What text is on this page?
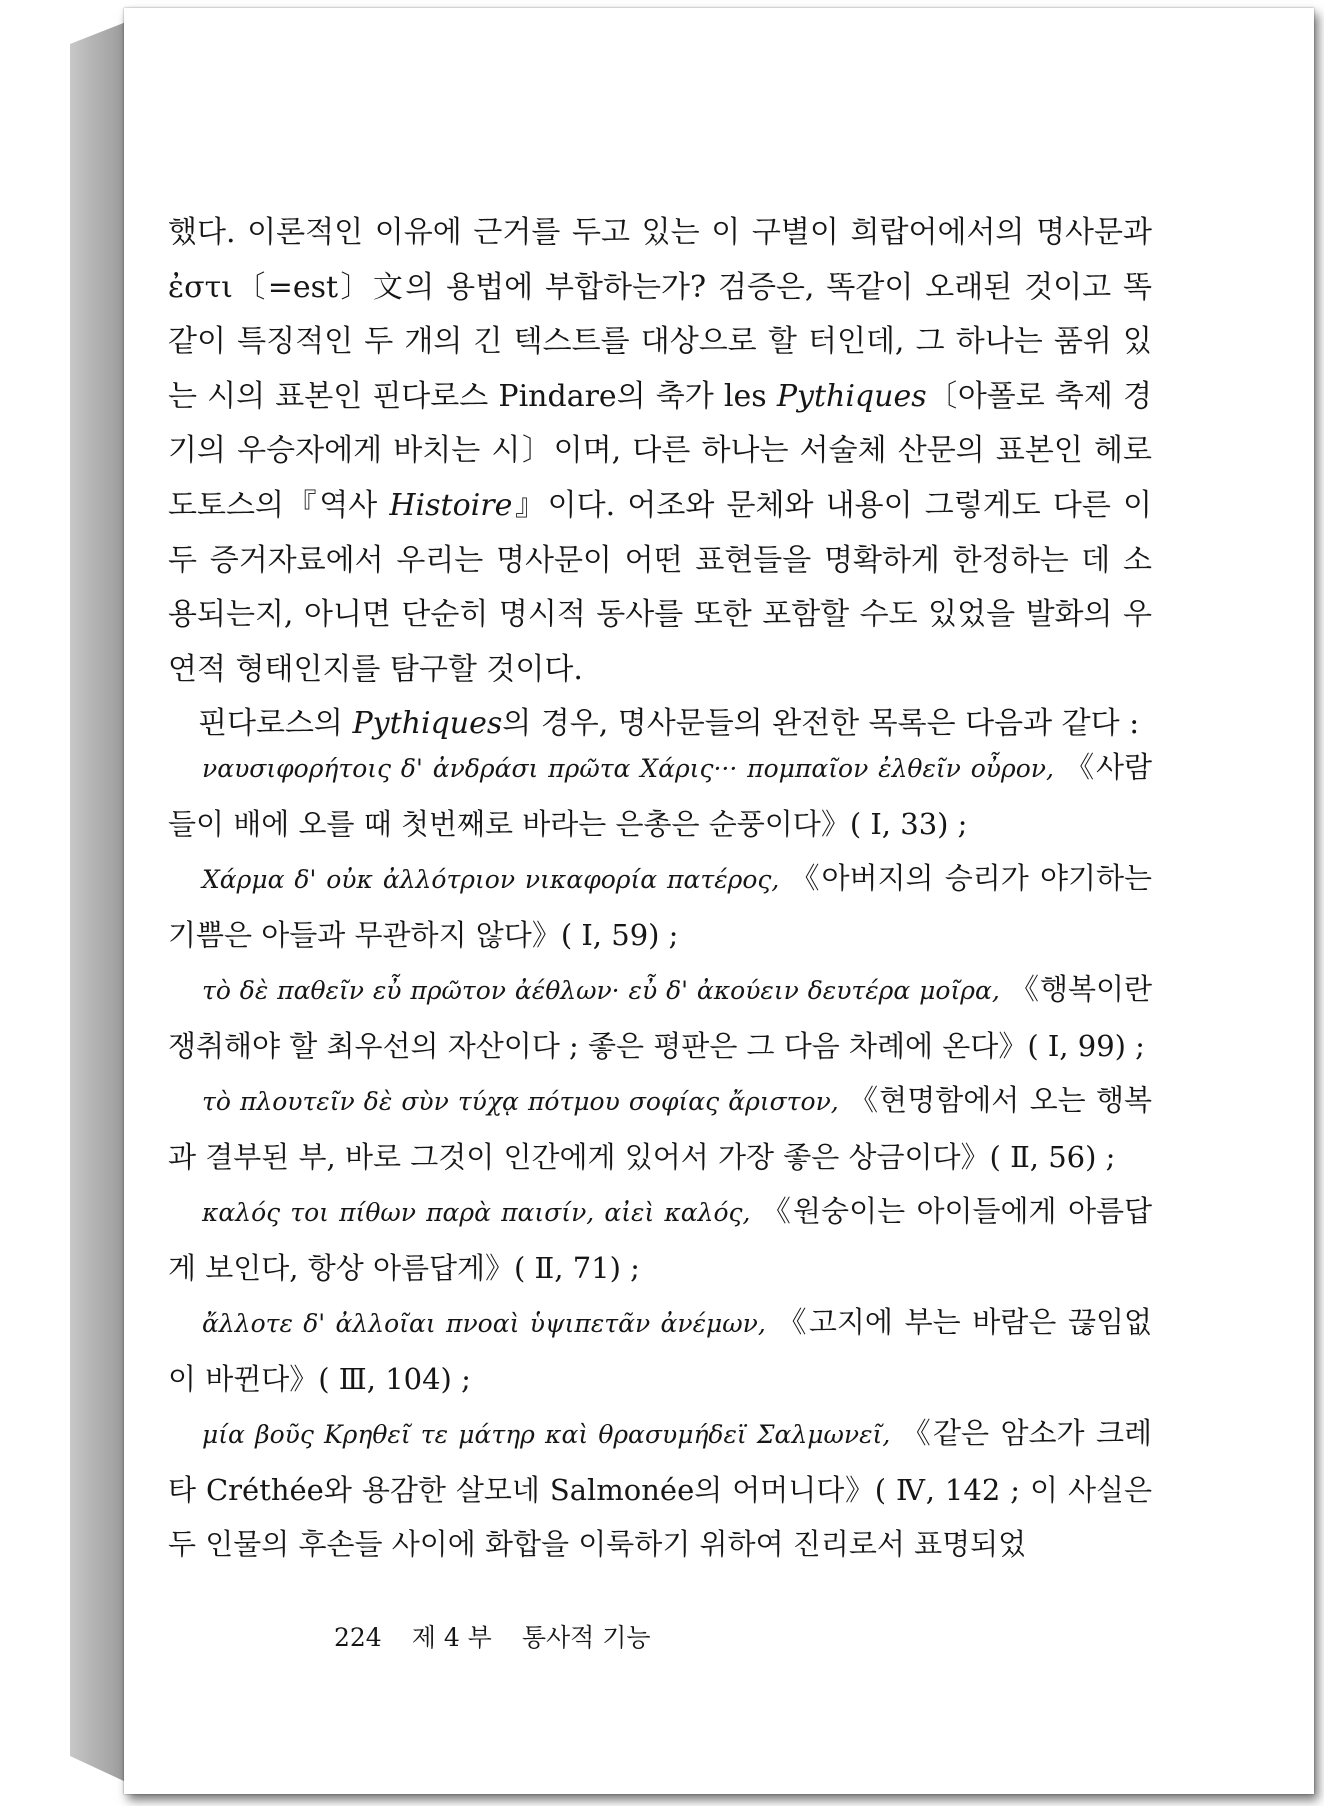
했다. 이론적인 이유에 근거를 두고 있는 이 구별이 희랍어에서의 명사문과 ἐστι〔=est〕文의 용법에 부합하는가? 검증은, 똑같이 오래된 것이고 똑같이 특징적인 두 개의 긴 텍스트를 대상으로 할 터인데, 그 하나는 품위 있는 시의 표본인 핀다로스 Pindare의 축가 les Pythiques〔아폴로 축제 경기의 우승자에게 바치는 시〕이며, 다른 하나는 서술체 산문의 표본인 헤로도토스의『역사 Histoire』이다. 어조와 문체와 내용이 그렇게도 다른 이 두 증거자료에서 우리는 명사문이 어떤 표현들을 명확하게 한정하는 데 소용되는지, 아니면 단순히 명시적 동사를 또한 포함할 수도 있었을 발화의 우연적 형태인지를 탐구할 것이다.

핀다로스의 Pythiques의 경우, 명사문들의 완전한 목록은 다음과 같다 :

ναυσιφορήτοις δ' ἀνδράσι πρῶτα Χάρις··· πομπαῖον ἐλθεῖν οὖρον, 《사람들이 배에 오를 때 첫번째로 바라는 은총은 순풍이다》( I, 33) ;

Χάρμα δ' οὐκ ἀλλότριον νικαφορία πατέρος, 《아버지의 승리가 야기하는 기쁨은 아들과 무관하지 않다》( I, 59) ;

τὸ δὲ παθεῖν εὖ πρῶτον ἀέθλων· εὖ δ' ἀκούειν δευτέρα μοῖρα, 《행복이란 쟁취해야 할 최우선의 자산이다 ; 좋은 평판은 그 다음 차례에 온다》( I, 99) ;

τὸ πλουτεῖν δὲ σὺν τύχᾳ πότμου σοφίας ἄριστον, 《현명함에서 오는 행복과 결부된 부, 바로 그것이 인간에게 있어서 가장 좋은 상금이다》( Ⅱ, 56) ;

καλός τοι πίθων παρὰ παισίν, αἰεὶ καλός, 《원숭이는 아이들에게 아름답게 보인다, 항상 아름답게》( Ⅱ, 71) ;

ἄλλοτε δ' ἀλλοῖαι πνοαὶ ὑψιπετᾶν ἀνέμων, 《고지에 부는 바람은 끊임없이 바뀐다》( Ⅲ, 104) ;

μία βοῦς Κρηθεῖ τε μάτηρ καὶ θρασυμήδεϊ Σαλμωνεῖ, 《같은 암소가 크레타 Créthée와 용감한 살모네 Salmonée의 어머니다》( Ⅳ, 142 ; 이 사실은 두 인물의 후손들 사이에 화합을 이룩하기 위하여 진리로서 표명되었

224 제 4 부 통사적 기능
